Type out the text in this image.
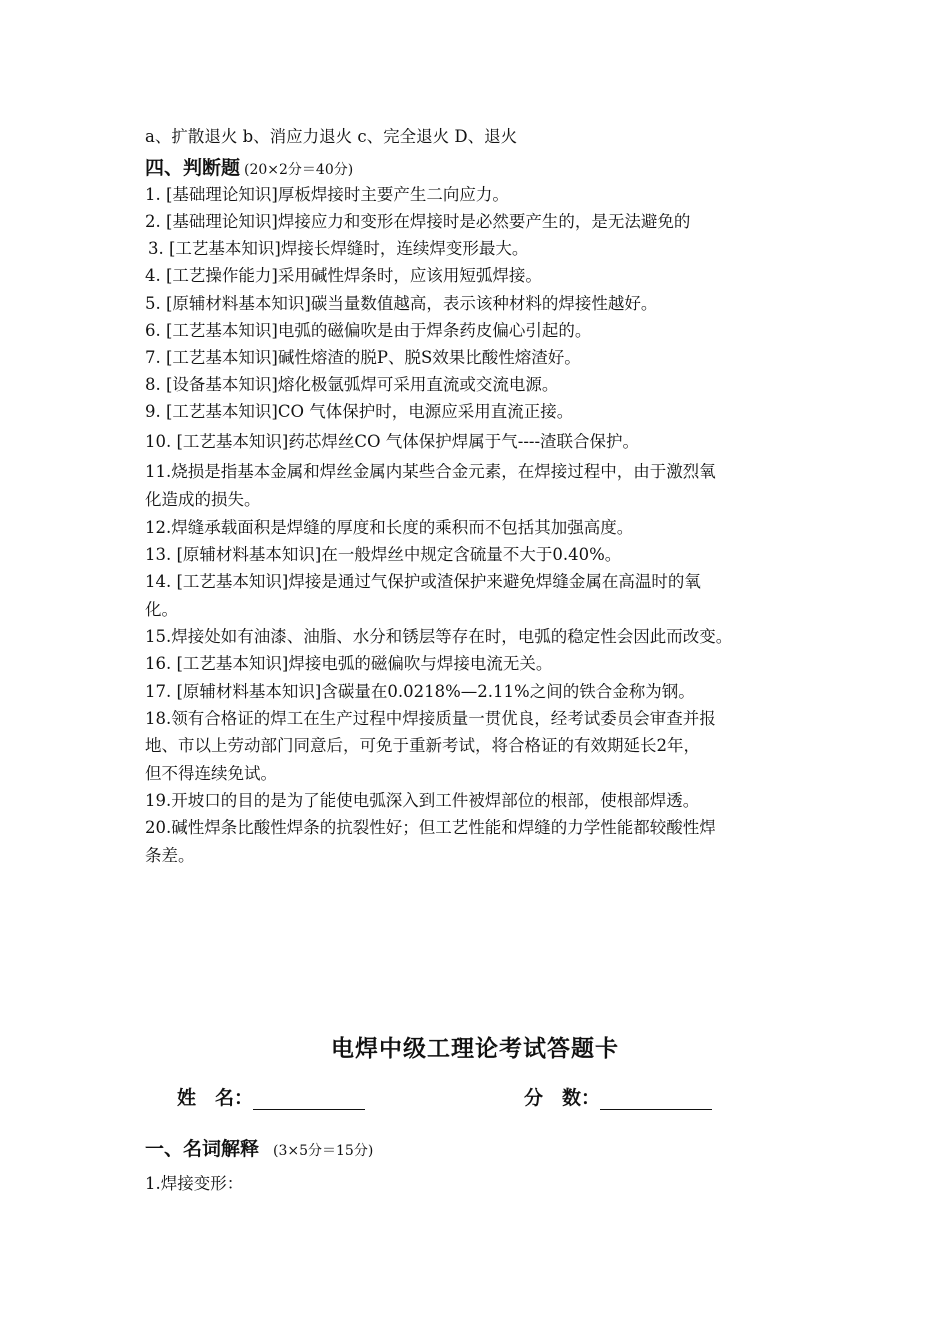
a、扩散退火 b、消应力退火 c、完全退火 D、退火
四、判断题 (20×2分＝40分)
1. [基础理论知识]厚板焊接时主要产生二向应力。
2. [基础理论知识]焊接应力和变形在焊接时是必然要产生的，是无法避免的
3. [工艺基本知识]焊接长焊缝时，连续焊变形最大。
4. [工艺操作能力]采用碱性焊条时，应该用短弧焊接。
5. [原辅材料基本知识]碳当量数值越高，表示该种材料的焊接性越好。
6. [工艺基本知识]电弧的磁偏吹是由于焊条药皮偏心引起的。
7. [工艺基本知识]碱性熔渣的脱P、脱S效果比酸性熔渣好。
8. [设备基本知识]熔化极氩弧焊可采用直流或交流电源。
9. [工艺基本知识]CO 气体保护时，电源应采用直流正接。
10. [工艺基本知识]药芯焊丝CO 气体保护焊属于气----渣联合保护。
11.烧损是指基本金属和焊丝金属内某些合金元素，在焊接过程中，由于激烈氧
化造成的损失。
12.焊缝承载面积是焊缝的厚度和长度的乘积而不包括其加强高度。
13. [原辅材料基本知识]在一般焊丝中规定含硫量不大于0.40%。
14. [工艺基本知识]焊接是通过气保护或渣保护来避免焊缝金属在高温时的氧
化。
15.焊接处如有油漆、油脂、水分和锈层等存在时，电弧的稳定性会因此而改变。
16. [工艺基本知识]焊接电弧的磁偏吹与焊接电流无关。
17. [原辅材料基本知识]含碳量在0.0218%—2.11%之间的铁合金称为钢。
18.领有合格证的焊工在生产过程中焊接质量一贯优良，经考试委员会审查并报
地、市以上劳动部门同意后，可免于重新考试，将合格证的有效期延长2年，
但不得连续免试。
19.开坡口的目的是为了能使电弧深入到工件被焊部位的根部，使根部焊透。
20.碱性焊条比酸性焊条的抗裂性好；但工艺性能和焊缝的力学性能都较酸性焊
条差。
电焊中级工理论考试答题卡
姓　名：	分　数：
一、名词解释 (3×5分＝15分)
1.焊接变形：
